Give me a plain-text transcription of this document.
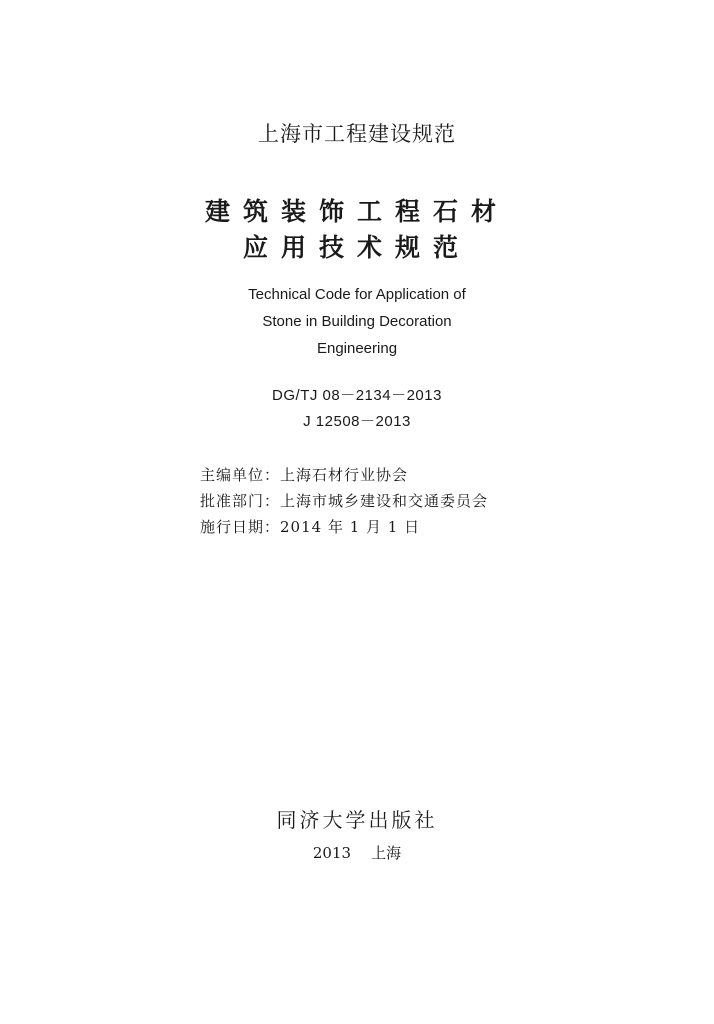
上海市工程建设规范
建筑装饰工程石材
应用技术规范
Technical Code for Application of
Stone in Building Decoration
Engineering
DG/TJ 08－2134－2013
J 12508－2013
主编单位：上海石材行业协会
批准部门：上海市城乡建设和交通委员会
施行日期：2014 年 1 月 1 日
同济大学出版社
2013 上海
